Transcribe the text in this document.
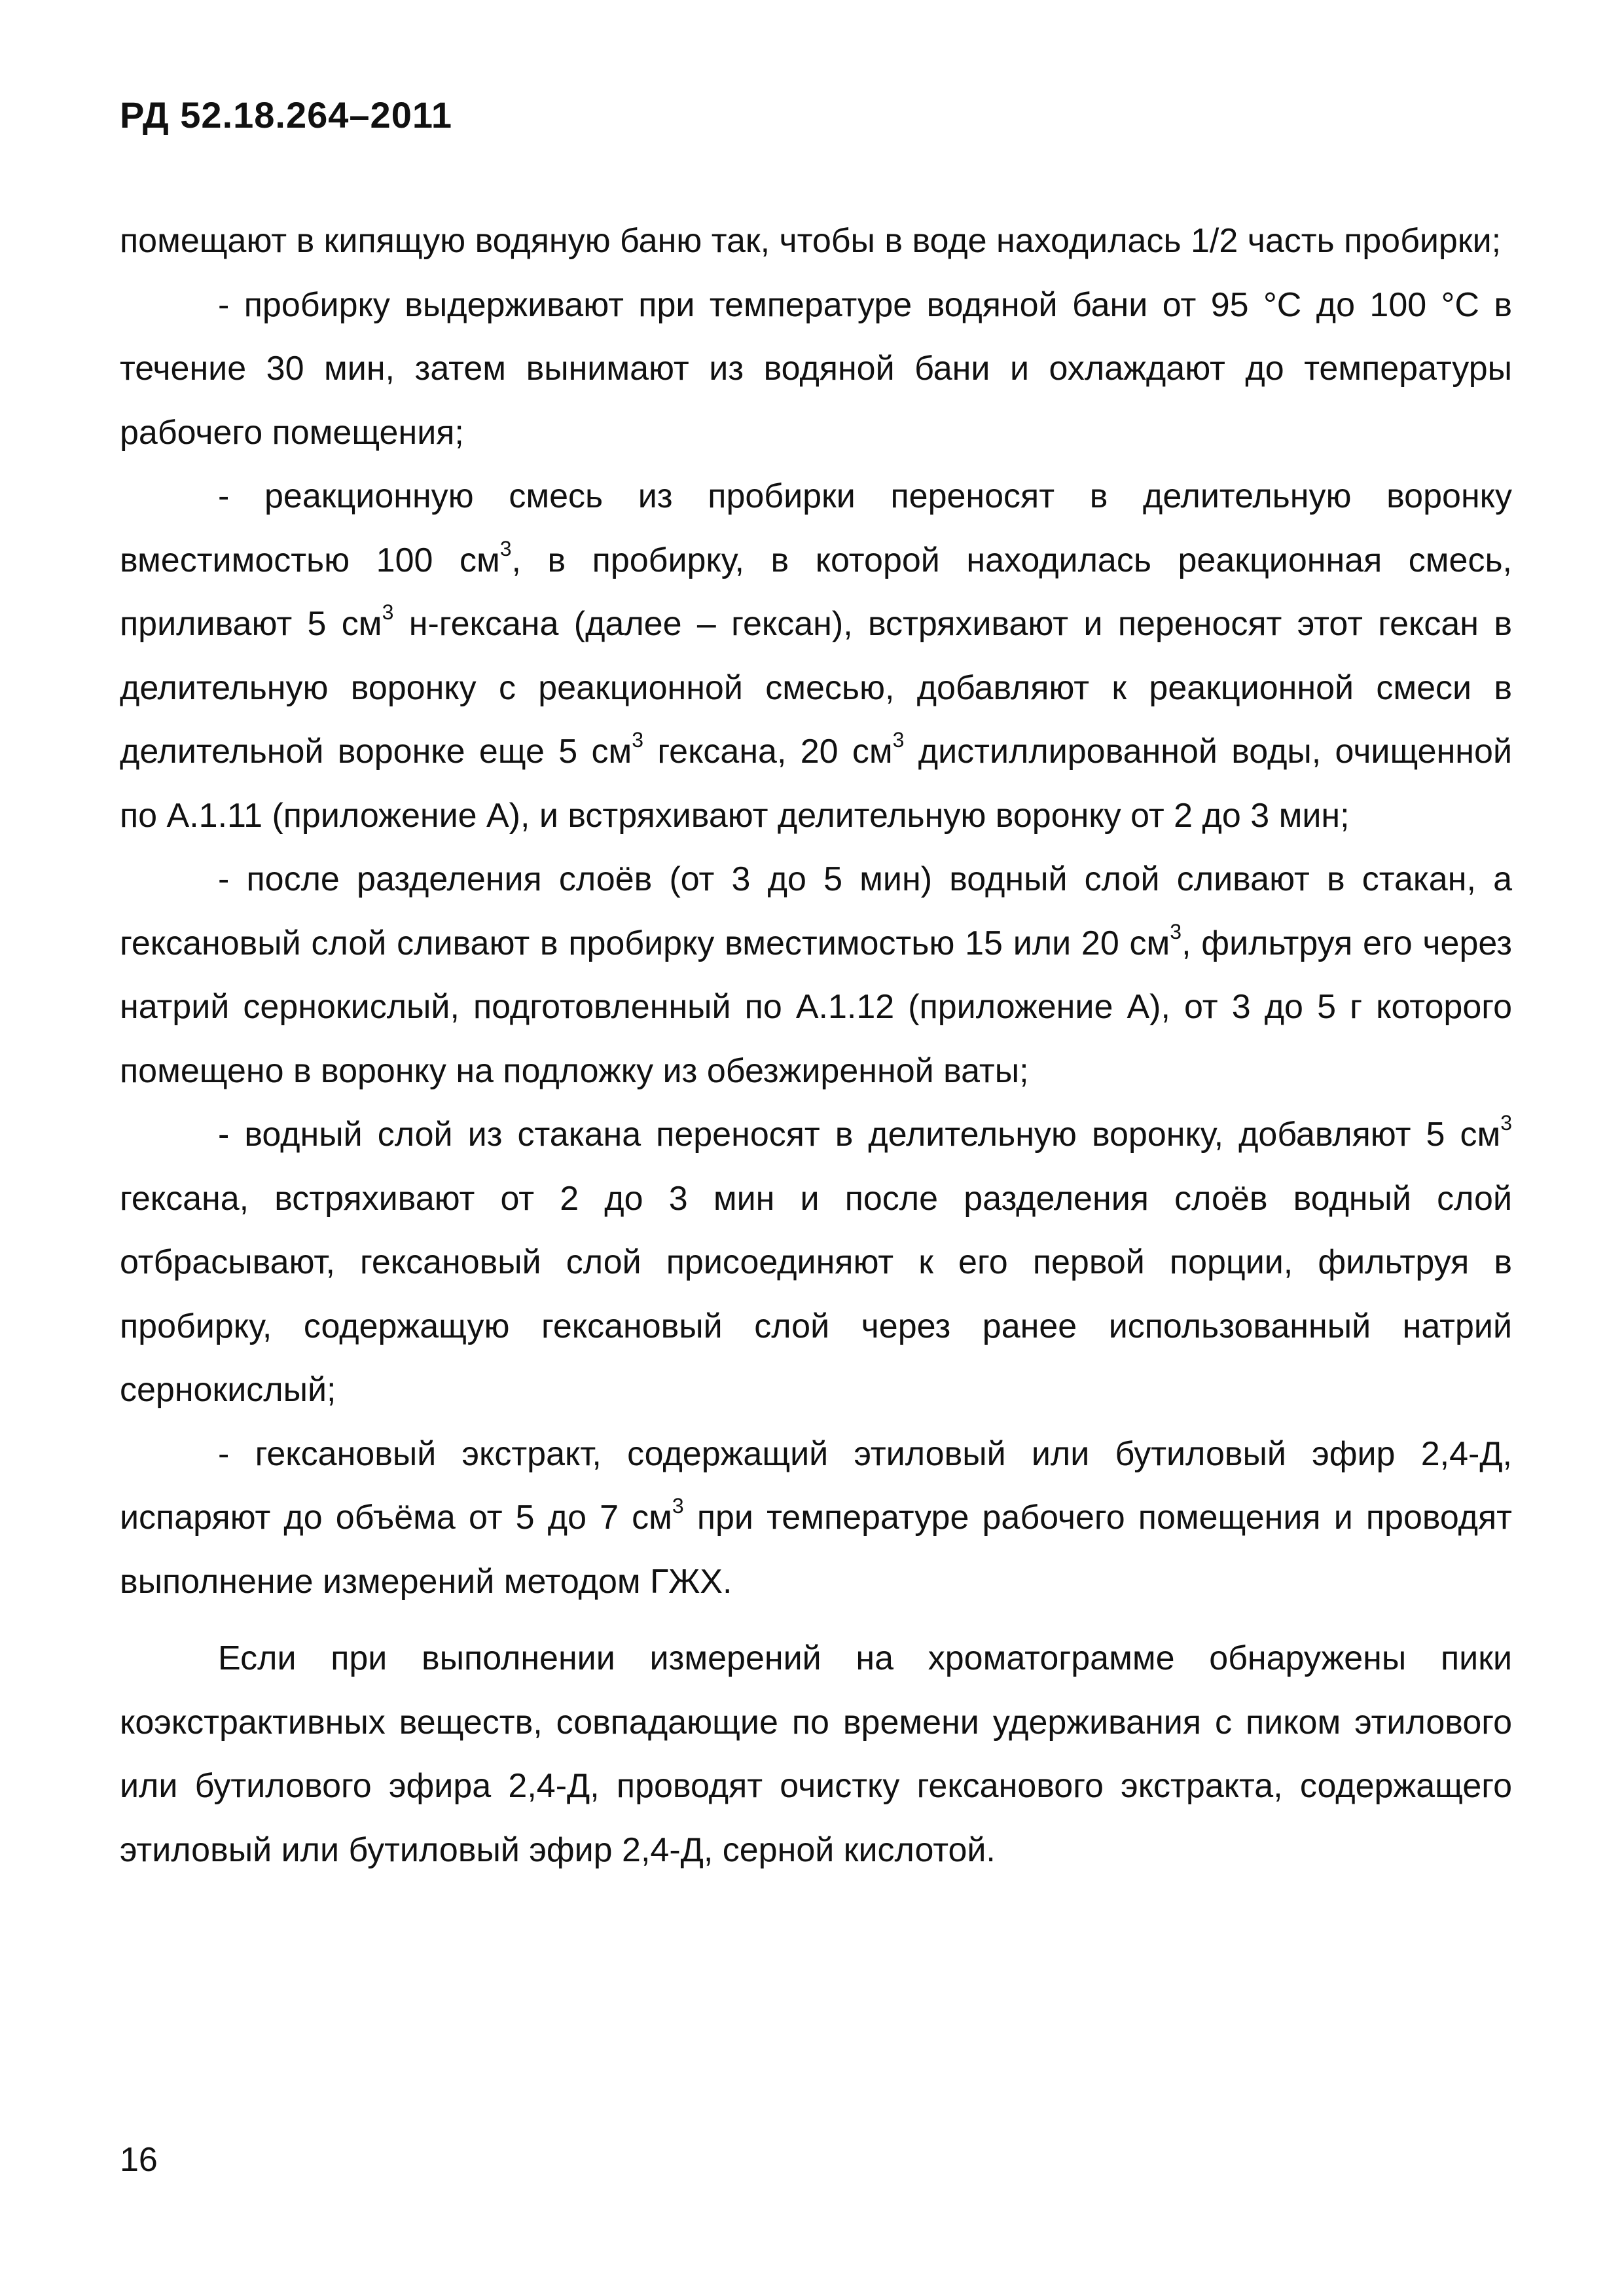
РД 52.18.264–2011

помещают в кипящую водяную баню так, чтобы в воде находилась 1/2 часть пробирки;

- пробирку выдерживают при температуре водяной бани от 95 °С до 100 °С в течение 30 мин, затем вынимают из водяной бани и охлаждают до температуры рабочего помещения;

- реакционную смесь из пробирки переносят в делительную воронку вместимостью 100 $см^3$, в пробирку, в которой находилась реакционная смесь, приливают 5 $см^3$ н-гексана (далее – гексан), встряхивают и переносят этот гексан в делительную воронку с реакционной смесью, добавляют к реакционной смеси в делительной воронке еще 5 $см^3$ гексана, 20 $см^3$ дистиллированной воды, очищенной по А.1.11 (приложение А), и встряхивают делительную воронку от 2 до 3 мин;

- после разделения слоёв (от 3 до 5 мин) водный слой сливают в стакан, а гексановый слой сливают в пробирку вместимостью 15 или 20 $см^3$, фильтруя его через натрий сернокислый, подготовленный по А.1.12 (приложение А), от 3 до 5 г которого помещено в воронку на подложку из обезжиренной ваты;

- водный слой из стакана переносят в делительную воронку, добавляют 5 $см^3$ гексана, встряхивают от 2 до 3 мин и после разделения слоёв водный слой отбрасывают, гексановый слой присоединяют к его первой порции, фильтруя в пробирку, содержащую гексановый слой через ранее использованный натрий сернокислый;

- гексановый экстракт, содержащий этиловый или бутиловый эфир 2,4-Д, испаряют до объёма от 5 до 7 $см^3$ при температуре рабочего помещения и проводят выполнение измерений методом ГЖХ.

Если при выполнении измерений на хроматограмме обнаружены пики коэкстрактивных веществ, совпадающие по времени удерживания с пиком этилового или бутилового эфира 2,4-Д, проводят очистку гексанового экстракта, содержащего этиловый или бутиловый эфир 2,4-Д, серной кислотой.

16
